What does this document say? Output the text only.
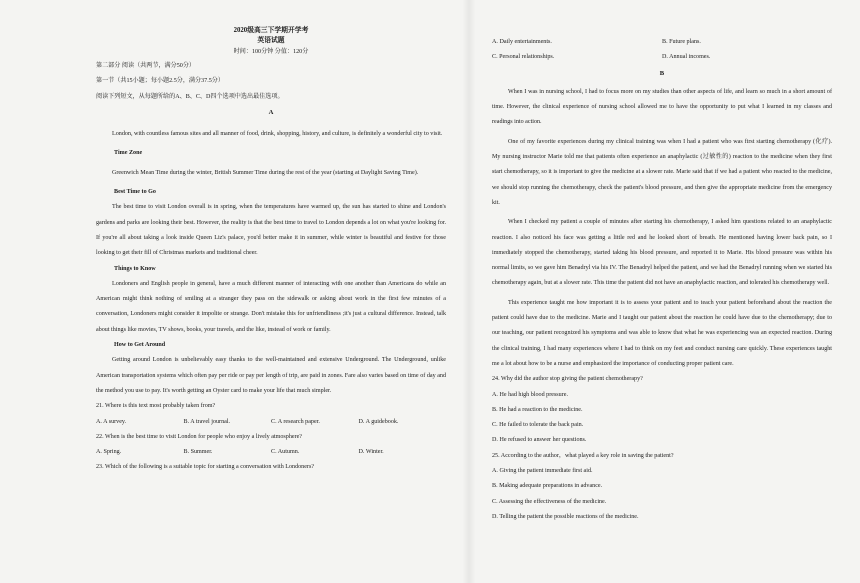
2020级高三下学期开学考

英语试题

时间：100分钟 分值：120分

第二部分 阅读（共两节，满分50分）

第一节（共15小题；每小题2.5分，满分37.5分）

阅读下列短文，从每题所给的A、B、C、D四个选项中选出最佳选项。

A

London, with countless famous sites and all manner of food, drink, shopping, history, and culture, is definitely a wonderful city to visit.

Time Zone

Greenwich Mean Time during the winter, British Summer Time during the rest of the year (starting at Daylight Saving Time).

Best Time to Go

The best time to visit London overall is in spring, when the temperatures have warmed up, the sun has started to shine and London's gardens and parks are looking their best. However, the reality is that the best time to travel to London depends a lot on what you're looking for. If you're all about taking a look inside Queen Liz's palace, you'd better make it in summer, while winter is beautiful and festive for those looking to get their fill of Christmas markets and traditional cheer.

Things to Know

Londoners and English people in general, have a much different manner of interacting with one another than Americans do while an American might think nothing of smiling at a stranger they pass on the sidewalk or asking about work in the first few minutes of a conversation, Londoners might consider it impolite or strange. Don't mistake this for unfriendliness ;it's just a cultural difference. Instead, talk about things like movies, TV shows, books, your travels, and the like, instead of work or family.

How to Get Around

Getting around London is unbelievably easy thanks to the well-maintained and extensive Underground. The Underground, unlike American transportation systems which often pay per ride or pay per length of trip, are paid in zones. Fare also varies based on time of day and the method you use to pay. It's worth getting an Oyster card to make your life that much simpler.

21. Where is this text most probably taken from?

A. A survey.	B. A travel journal.	C. A research paper.	D. A guidebook.

22. When is the best time to visit London for people who enjoy a lively atmosphere?

A. Spring.	B. Summer.	C. Autumn.	D. Winter.

23. Which of the following is a suitable topic for starting a conversation with Londoners?

A. Daily entertainments.	B. Future plans.
C. Personal relationships.	D. Annual incomes.

B

When I was in nursing school, I had to focus more on my studies than other aspects of life, and learn so much in a short amount of time. However, the clinical experience of nursing school allowed me to have the opportunity to put what I learned in my classes and readings into action.

One of my favorite experiences during my clinical training was when I had a patient who was first starting chemotherapy (化疗). My nursing instructor Marie told me that patients often experience an anaphylactic (过敏性的) reaction to the medicine when they first start chemotherapy, so it is important to give the medicine at a slower rate. Marie said that if we had a patient who reacted to the medicine, we should stop running the chemotherapy, check the patient's blood pressure, and then give the appropriate medicine from the emergency kit.

When I checked my patient a couple of minutes after starting his chemotherapy, I asked him questions related to an anaphylactic reaction. I also noticed his face was getting a little red and he looked short of breath. He mentioned having lower back pain, so I immediately stopped the chemotherapy, started taking his blood pressure, and reported it to Marie. His blood pressure was within his normal limits, so we gave him Benadryl via his IV. The Benadryl helped the patient, and we had the Benadryl running when we started his chemotherapy again, but at a slower rate. This time the patient did not have an anaphylactic reaction, and tolerated his chemotherapy well.

This experience taught me how important it is to assess your patient and to teach your patient beforehand about the reaction the patient could have due to the medicine. Marie and I taught our patient about the reaction he could have due to the chemotherapy; due to our teaching, our patient recognized his symptoms and was able to know that what he was experiencing was an expected reaction. During the clinical training, I had many experiences where I had to think on my feet and conduct nursing care quickly. These experiences taught me a lot about how to be a nurse and emphasized the importance of conducting proper patient care.

24. Why did the author stop giving the patient chemotherapy?

A. He had high blood pressure.

B. He had a reaction to the medicine.

C. He failed to tolerate the back pain.

D. He refused to answer her questions.

25. According to the author，what played a key role in saving the patient?

A. Giving the patient immediate first aid.

B. Making adequate preparations in advance.

C. Assessing the effectiveness of the medicine.

D. Telling the patient the possible reactions of the medicine.
